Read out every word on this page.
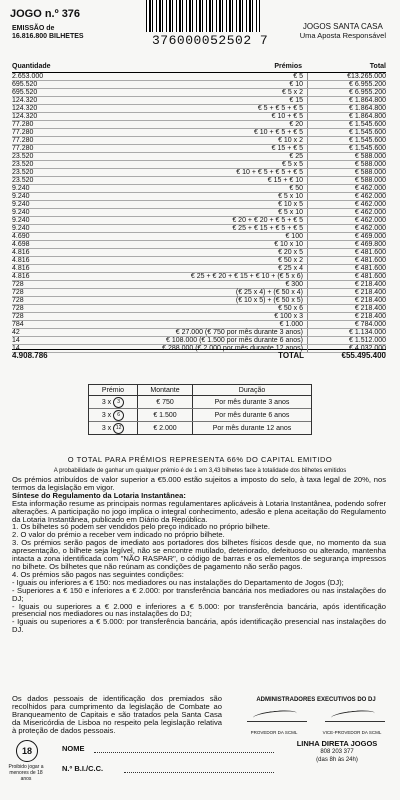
JOGO n.º 376
EMISSÃO de
16.816.800 BILHETES	376000052502 7
JOGOS SANTA CASA
Uma Aposta Responsável
Quantidade	Prémios	Total
2.653.000	€ 5	€13.265.000
695.520	€ 10	€ 6.955.200
695.520	€ 5 x 2	€ 6.955.200
124.320	€ 15	€ 1.864.800
124.320	€ 5 + € 5 + € 5	€ 1.864.800
124.320	€ 10 + € 5	€ 1.864.800
77.280	€ 20	€ 1.545.600
77.280	€ 10 + € 5 + € 5	€ 1.545.600
77.280	€ 10 x 2	€ 1.545.600
77.280	€ 15 + € 5	€ 1.545.600
23.520	€ 25	€ 588.000
23.520	€ 5 x 5	€ 588.000
23.520	€ 10 + € 5 + € 5 + € 5	€ 588.000
23.520	€ 15 + € 10	€ 588.000
9.240	€ 50	€ 462.000
9.240	€ 5 x 10	€ 462.000
9.240	€ 10 x 5	€ 462.000
9.240	€ 5 x 10	€ 462.000
9.240	€ 20 + € 20 + € 5 + € 5	€ 462.000
9.240	€ 25 + € 15 + € 5 + € 5	€ 462.000
4.690	€ 100	€ 469.000
4.698	€ 10 x 10	€ 469.800
4.816	€ 20 x 5	€ 481.600
4.816	€ 50 x 2	€ 481.600
4.816	€ 25 x 4	€ 481.600
4.816	€ 25 + € 20 + € 15 + € 10 + (€ 5 x 6)	€ 481.600
728	€ 300	€ 218.400
728	(€ 25 x 4) + (€ 50 x 4)	€ 218.400
728	(€ 10 x 5) + (€ 50 x 5)	€ 218.400
728	€ 50 x 6	€ 218.400
728	€ 100 x 3	€ 218.400
784	€ 1.000	€ 784.000
42	€ 27.000 (€ 750 por mês durante 3 anos)	€ 1.134.000
14	€ 108.000 (€ 1.500 por mês durante 6 anos)	€ 1.512.000
14	€ 288.000 (€ 2.000 por mês durante 12 anos)	€ 4.032.000
4.908.786	TOTAL	€55.495.400
Prémio	Montante	Duração
3 x	3	€ 750	Por mês durante 3 anos
3 x	6	€ 1.500	Por mês durante 6 anos
3 x 12	€ 2.000	Por mês durante 12 anos
O TOTAL PARA PRÉMIOS REPRESENTA 66% DO CAPITAL EMITIDO
A probabilidade de ganhar um qualquer prémio é de 1 em 3,43 bilhetes face à totalidade dos bilhetes emitidos

Os prémios atribuídos de valor superior a €5.000 estão sujeitos a imposto do selo, à taxa legal de 20%, nos termos da legislação em vigor.

Síntese do Regulamento da Lotaria Instantânea:

Esta informação resume as principais normas regulamentares aplicáveis à Lotaria Instantânea, podendo sofrer alterações. A participação no jogo implica o integral conhecimento, adesão e plena aceitação do Regulamento da Lotaria Instantânea, publicado em Diário da República.

1. Os bilhetes só podem ser vendidos pelo preço indicado no próprio bilhete.

2. O valor do prémio a receber vem indicado no próprio bilhete.

3. Os prémios serão pagos de imediato aos portadores dos bilhetes físicos desde que, no momento da sua apresentação, o bilhete seja legível, não se encontre mutilado, deteriorado, defeituoso ou alterado, mantenha intacta a zona identificada com "NÃO RASPAR", o código de barras e os elementos de segurança impressos no bilhete. Os bilhetes que não reúnam as condições de pagamento não serão pagos.

4. Os prémios são pagos nas seguintes condições:

- Iguais ou inferiores a € 150: nos mediadores ou nas instalações do Departamento de Jogos (DJ);

- Superiores a € 150 e inferiores a € 2.000: por transferência bancária nos mediadores ou nas instalações do DJ;

- Iguais ou superiores a € 2.000 e inferiores a € 5.000: por transferência bancária, após identificação presencial nos mediadores ou nas instalações do DJ;

- Iguais ou superiores a € 5.000: por transferência bancária, após identificação presencial nas instalações do DJ.

Os dados pessoais de identificação dos premiados são recolhidos para cumprimento da legislação de Combate ao Branqueamento de Capitais e são tratados pela Santa Casa da Misericórdia de Lisboa no respeito pela legislação relativa à proteção de dados pessoais.
ADMINISTRADORES EXECUTIVOS DO DJ
PROVEDOR DA SCML	VICE-PROVEDOR DA SCML
18
Proibido jogar a menores de 18 anos
NOME
N.º B.I./C.C.
LINHA DIRETA JOGOS
808 203 377
(das 8h às 24h)
